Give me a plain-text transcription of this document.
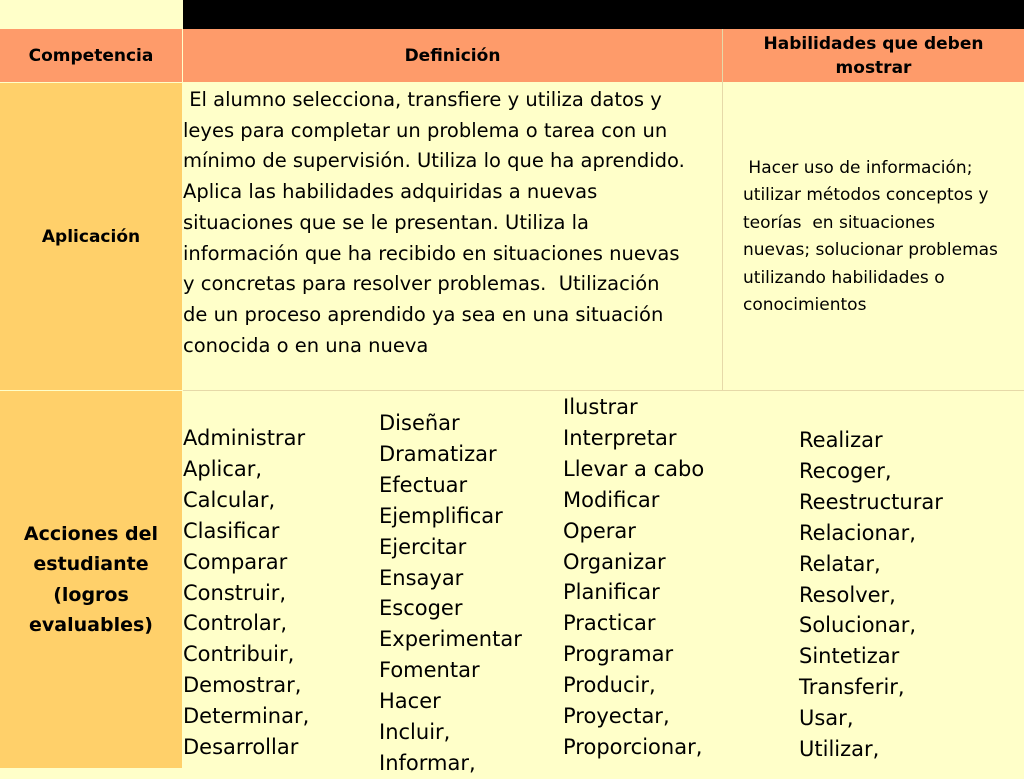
Competencia	Definición
Habilidades que deben mostrar
Aplicación
El alumno selecciona, transfiere y utiliza datos y
leyes para completar un problema o tarea con un
mínimo de supervisión. Utiliza lo que ha aprendido.
Aplica las habilidades adquiridas a nuevas
situaciones que se le presentan. Utiliza la
información que ha recibido en situaciones nuevas
y concretas para resolver problemas.  Utilización
de un proceso aprendido ya sea en una situación
conocida o en una nueva
Hacer uso de información;
utilizar métodos conceptos y
teorías  en situaciones
nuevas; solucionar problemas
utilizando habilidades o
conocimientos
Acciones del estudiante (logros evaluables)
Administrar
Aplicar,
Calcular,
Clasificar
Comparar
Construir,
Controlar,
Contribuir,
Demostrar,
Determinar,
Desarrollar
Diseñar
Dramatizar
Efectuar
Ejemplificar
Ejercitar
Ensayar
Escoger
Experimentar
Fomentar
Hacer
Incluir,
Informar,
Ilustrar
Interpretar
Llevar a cabo
Modificar
Operar
Organizar
Planificar
Practicar
Programar
Producir,
Proyectar,
Proporcionar,
Realizar
Recoger,
Reestructurar
Relacionar,
Relatar,
Resolver,
Solucionar,
Sintetizar
Transferir,
Usar,
Utilizar,
